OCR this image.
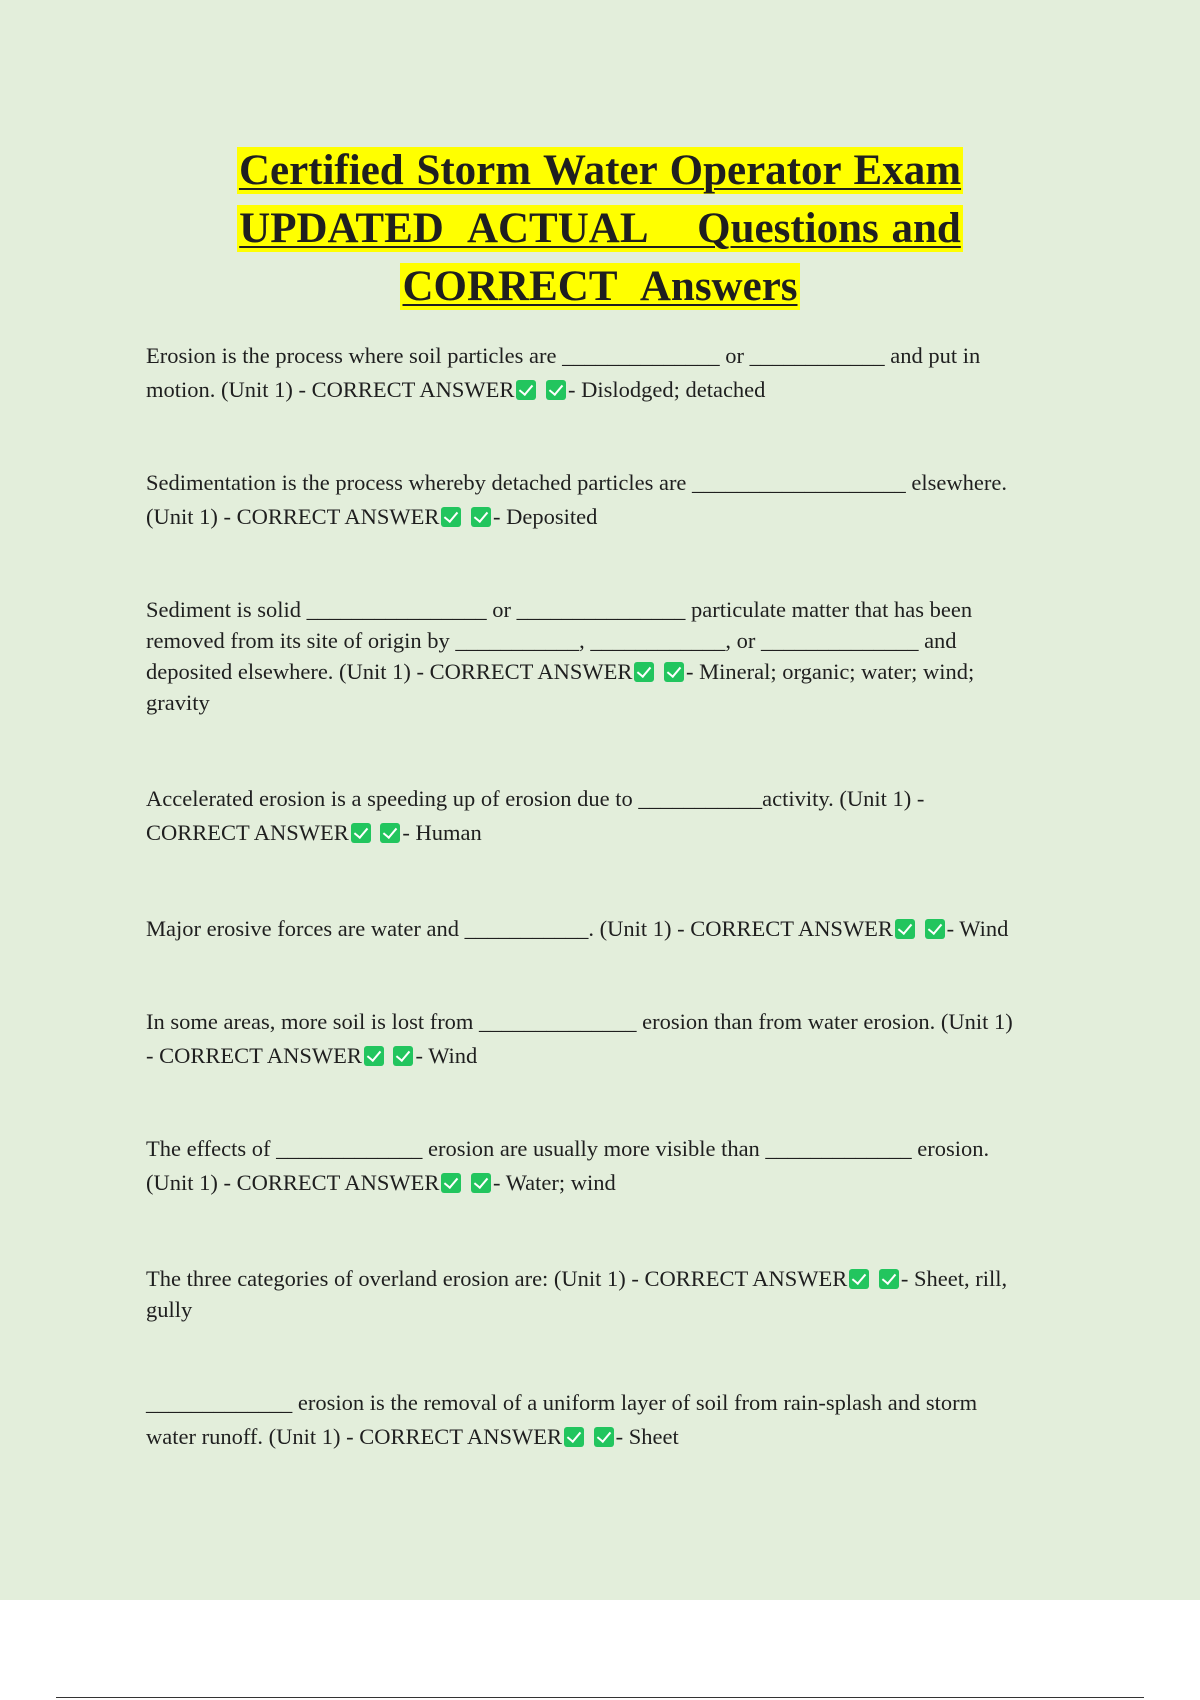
Certified Storm Water Operator Exam
UPDATED  ACTUAL    Questions and
CORRECT  Answers
Erosion is the process where soil particles are ______________ or ____________ and put in
motion. (Unit 1) - CORRECT ANSWER - Dislodged; detached
Sedimentation is the process whereby detached particles are ___________________ elsewhere.
(Unit 1) - CORRECT ANSWER - Deposited
Sediment is solid ________________ or _______________ particulate matter that has been
removed from its site of origin by ___________, ____________, or ______________ and
deposited elsewhere. (Unit 1) - CORRECT ANSWER - Mineral; organic; water; wind;
gravity
Accelerated erosion is a speeding up of erosion due to ___________activity. (Unit 1) -
CORRECT ANSWER - Human
Major erosive forces are water and ___________. (Unit 1) - CORRECT ANSWER - Wind
In some areas, more soil is lost from ______________ erosion than from water erosion. (Unit 1)
- CORRECT ANSWER - Wind
The effects of _____________ erosion are usually more visible than _____________ erosion.
(Unit 1) - CORRECT ANSWER - Water; wind
The three categories of overland erosion are: (Unit 1) - CORRECT ANSWER - Sheet, rill,
gully
_____________ erosion is the removal of a uniform layer of soil from rain-splash and storm
water runoff. (Unit 1) - CORRECT ANSWER - Sheet
